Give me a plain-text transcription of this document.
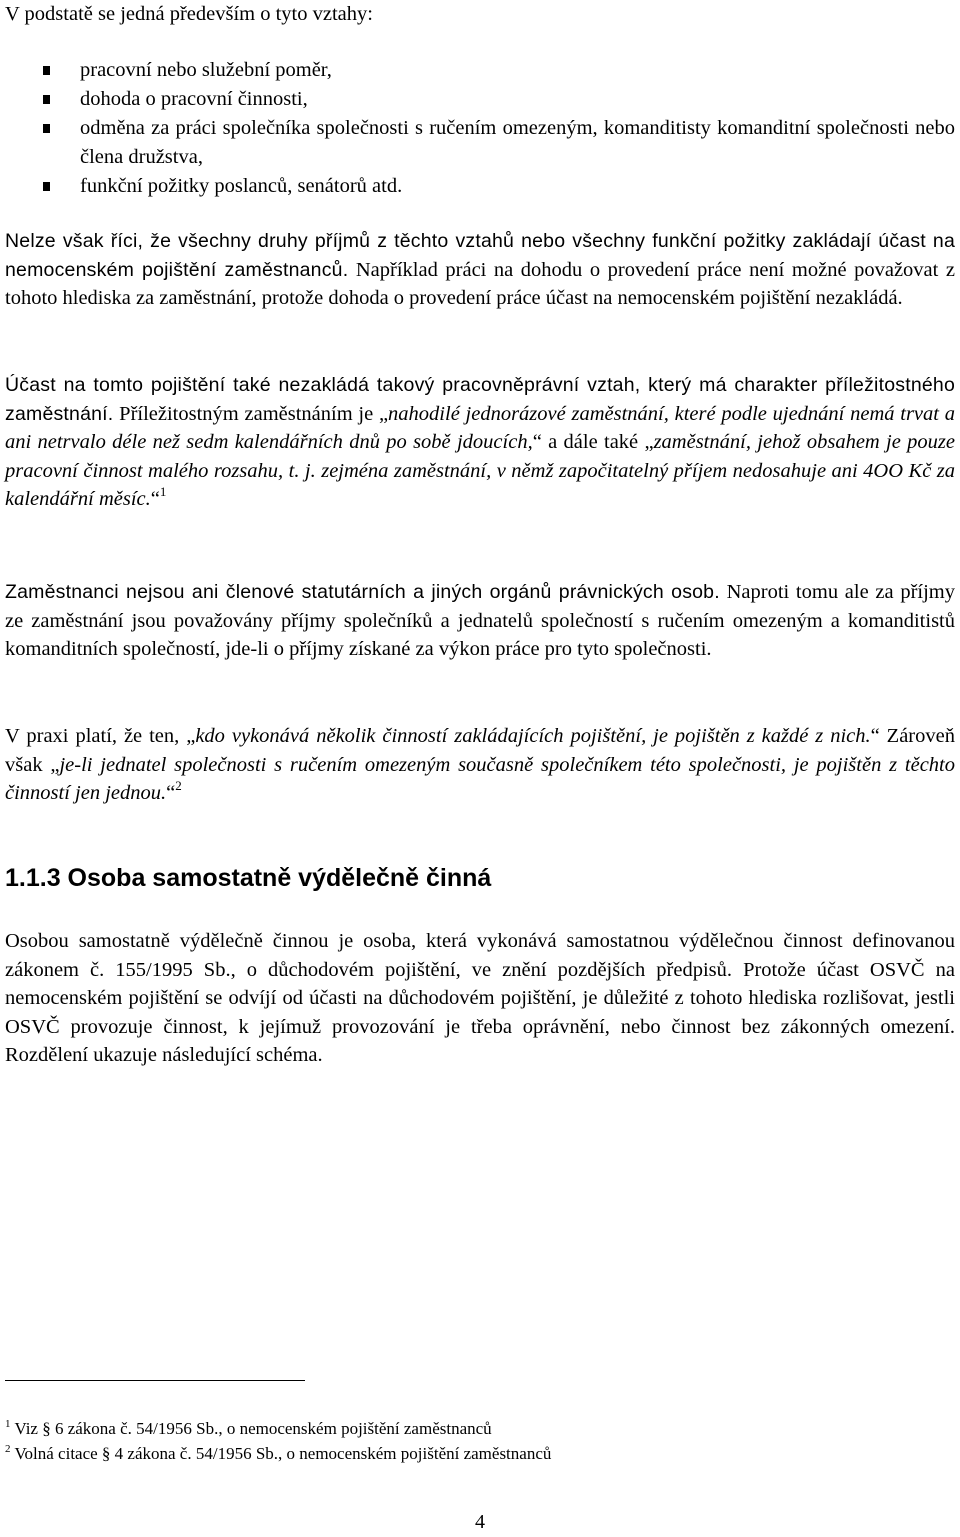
V podstatě se jedná především o tyto vztahy:

pracovní nebo služební poměr,
dohoda o pracovní činnosti,
odměna za práci společníka společnosti s ručením omezeným, komanditisty komanditní společnosti nebo člena družstva,
funkční požitky poslanců, senátorů atd.

Nelze však říci, že všechny druhy příjmů z těchto vztahů nebo všechny funkční požitky zakládají účast na nemocenském pojištění zaměstnanců. Například práci na dohodu o provedení práce není možné považovat z tohoto hlediska za zaměstnání, protože dohoda o provedení práce účast na nemocenském pojištění nezakládá.

Účast na tomto pojištění také nezakládá takový pracovněprávní vztah, který má charakter příležitostného zaměstnání. Příležitostným zaměstnáním je „nahodilé jednorázové zaměstnání, které podle ujednání nemá trvat a ani netrvalo déle než sedm kalendářních dnů po sobě jdoucích,“ a dále také „zaměstnání, jehož obsahem je pouze pracovní činnost malého rozsahu, t. j. zejména zaměstnání, v němž započitatelný příjem nedosahuje ani 4OO Kč za kalendářní měsíc.“$^1$

Zaměstnanci nejsou ani členové statutárních a jiných orgánů právnických osob. Naproti tomu ale za příjmy ze zaměstnání jsou považovány příjmy společníků a jednatelů společností s ručením omezeným a komanditistů komanditních společností, jde-li o příjmy získané za výkon práce pro tyto společnosti.

V praxi platí, že ten, „kdo vykonává několik činností zakládajících pojištění, je pojištěn z každé z nich.“ Zároveň však „je-li jednatel společnosti s ručením omezeným současně společníkem této společnosti, je pojištěn z těchto činností jen jednou.“$^2$

1.1.3 Osoba samostatně výdělečně činná

Osobou samostatně výdělečně činnou je osoba, která vykonává samostatnou výdělečnou činnost definovanou zákonem č. 155/1995 Sb., o důchodovém pojištění, ve znění pozdějších předpisů. Protože účast OSVČ na nemocenském pojištění se odvíjí od účasti na důchodovém pojištění, je důležité z tohoto hlediska rozlišovat, jestli OSVČ provozuje činnost, k jejímuž provozování je třeba oprávnění, nebo činnost bez zákonných omezení. Rozdělení ukazuje následující schéma.

$^1$ Viz § 6 zákona č. 54/1956 Sb., o nemocenském pojištění zaměstnanců
$^2$ Volná citace § 4 zákona č. 54/1956 Sb., o nemocenském pojištění zaměstnanců
4
